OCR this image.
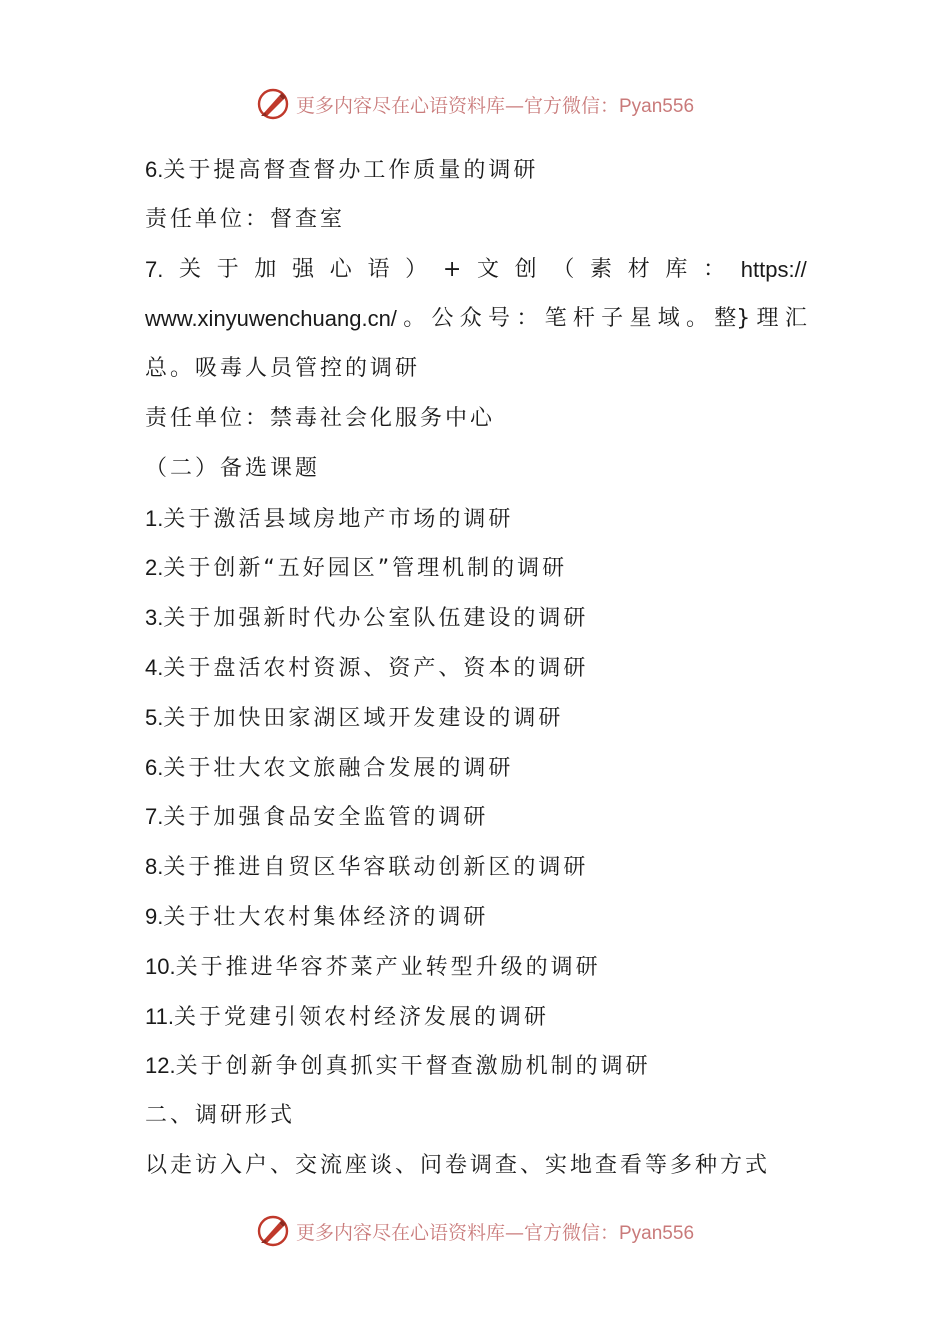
更多内容尽在心语资料库—官方微信：Pyan556
6.关于提高督查督办工作质量的调研
责任单位：督查室
7. 关 于 加 强 心 语 ） + 文 创 （ 素 材 库 ： https://
www.xinyuwenchuang.cn/ 。 公 众 号 ： 笔 杆 子 星 域 。 整} 理 汇
总。吸毒人员管控的调研
责任单位：禁毒社会化服务中心
（二）备选课题
1.关于激活县域房地产市场的调研
2.关于创新“五好园区”管理机制的调研
3.关于加强新时代办公室队伍建设的调研
4.关于盘活农村资源、资产、资本的调研
5.关于加快田家湖区域开发建设的调研
6.关于壮大农文旅融合发展的调研
7.关于加强食品安全监管的调研
8.关于推进自贸区华容联动创新区的调研
9.关于壮大农村集体经济的调研
10.关于推进华容芥菜产业转型升级的调研
11.关于党建引领农村经济发展的调研
12.关于创新争创真抓实干督查激励机制的调研
二、调研形式
以走访入户、交流座谈、问卷调查、实地查看等多种方式
更多内容尽在心语资料库—官方微信：Pyan556
